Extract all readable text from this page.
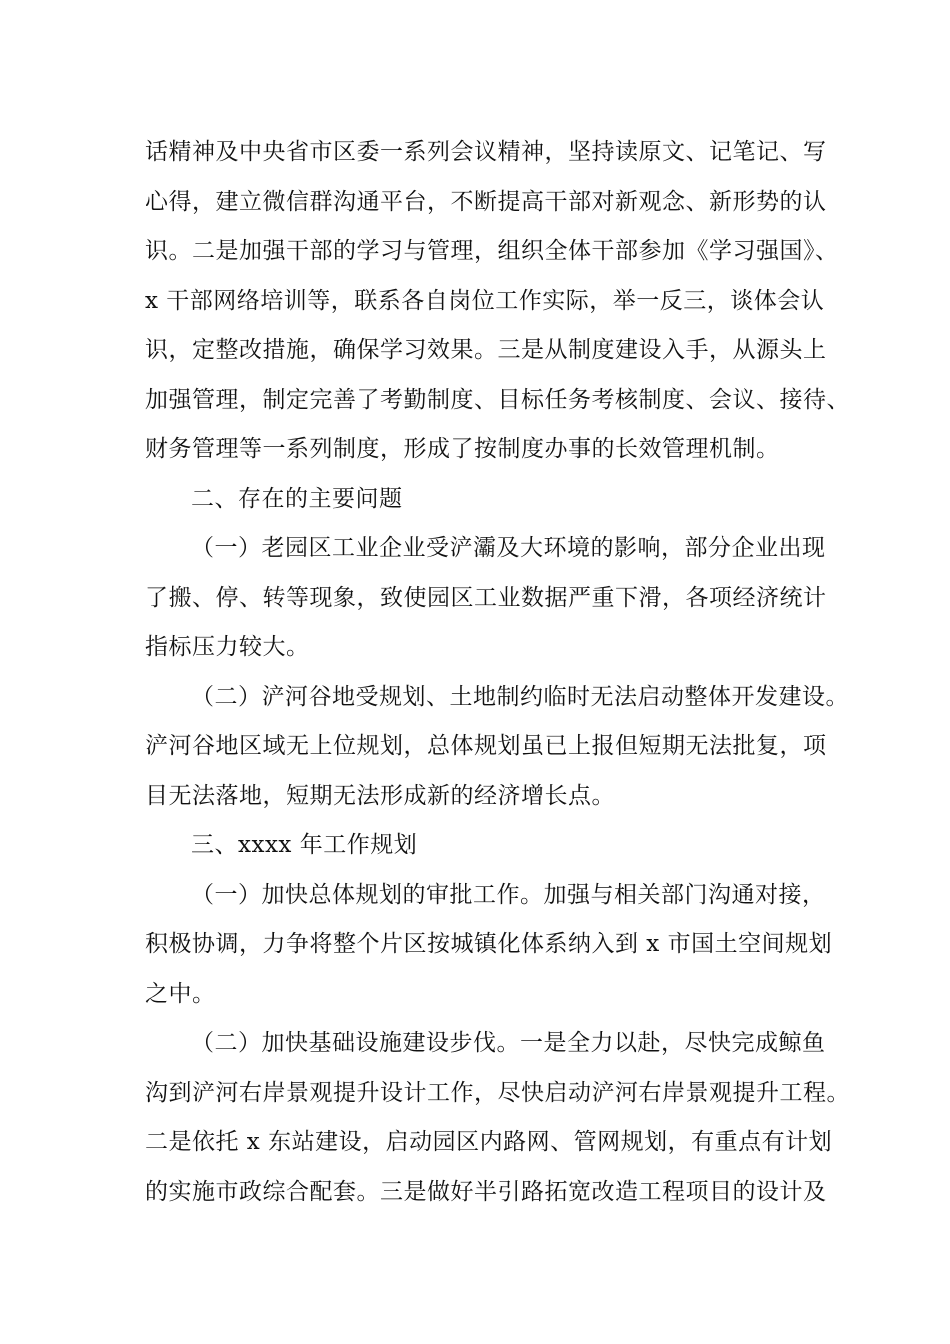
话精神及中央省市区委一系列会议精神，坚持读原文、记笔记、写
心得，建立微信群沟通平台，不断提高干部对新观念、新形势的认
识。二是加强干部的学习与管理，组织全体干部参加《学习强国》、
x 干部网络培训等，联系各自岗位工作实际，举一反三，谈体会认
识，定整改措施，确保学习效果。三是从制度建设入手，从源头上
加强管理，制定完善了考勤制度、目标任务考核制度、会议、接待、
财务管理等一系列制度，形成了按制度办事的长效管理机制。
二、存在的主要问题
（一）老园区工业企业受浐灞及大环境的影响，部分企业出现
了搬、停、转等现象，致使园区工业数据严重下滑，各项经济统计
指标压力较大。
（二）浐河谷地受规划、土地制约临时无法启动整体开发建设。
浐河谷地区域无上位规划，总体规划虽已上报但短期无法批复，项
目无法落地，短期无法形成新的经济增长点。
三、xxxx 年工作规划
（一）加快总体规划的审批工作。加强与相关部门沟通对接，
积极协调，力争将整个片区按城镇化体系纳入到 x 市国土空间规划
之中。
（二）加快基础设施建设步伐。一是全力以赴，尽快完成鲸鱼
沟到浐河右岸景观提升设计工作，尽快启动浐河右岸景观提升工程。
二是依托 x 东站建设，启动园区内路网、管网规划，有重点有计划
的实施市政综合配套。三是做好半引路拓宽改造工程项目的设计及
